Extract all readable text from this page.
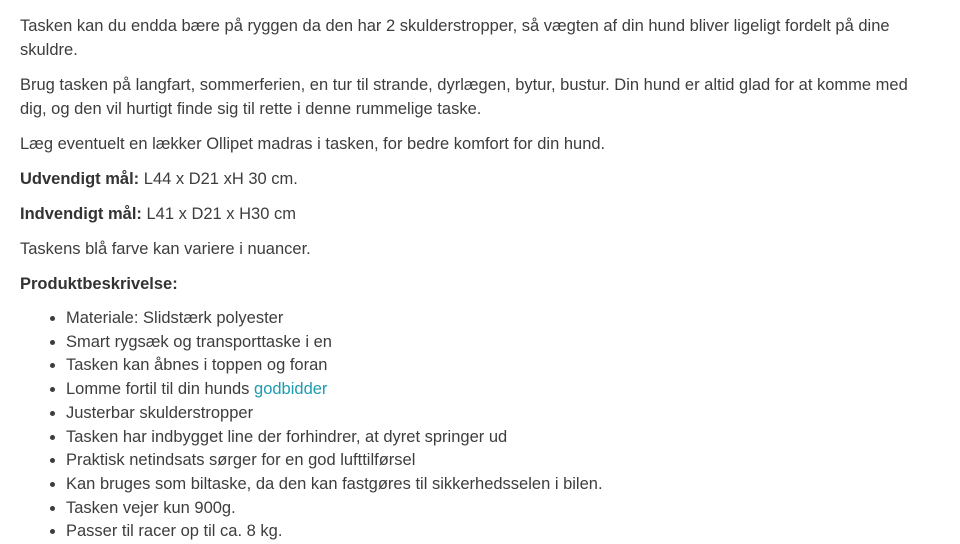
Tasken kan du endda bære på ryggen da den har 2 skulderstropper, så vægten af din hund bliver ligeligt fordelt på dine skuldre.

Brug tasken på langfart, sommerferien, en tur til strande, dyrlægen, bytur, bustur. Din hund er altid glad for at komme med dig, og den vil hurtigt finde sig til rette i denne rummelige taske.

Læg eventuelt en lækker Ollipet madras i tasken, for bedre komfort for din hund.

Udvendigt mål: L44 x D21 xH 30 cm.

Indvendigt mål: L41 x D21 x H30 cm

Taskens blå farve kan variere i nuancer.

Produktbeskrivelse:

• Materiale: Slidstærk polyester
• Smart rygsæk og transporttaske i en
• Tasken kan åbnes i toppen og foran
• Lomme fortil til din hunds godbidder
• Justerbar skulderstropper
• Tasken har indbygget line der forhindrer, at dyret springer ud
• Praktisk netindsats sørger for en god lufttilførsel
• Kan bruges som biltaske, da den kan fastgøres til sikkerhedsselen i bilen.
• Tasken vejer kun 900g.
• Passer til racer op til ca. 8 kg.
